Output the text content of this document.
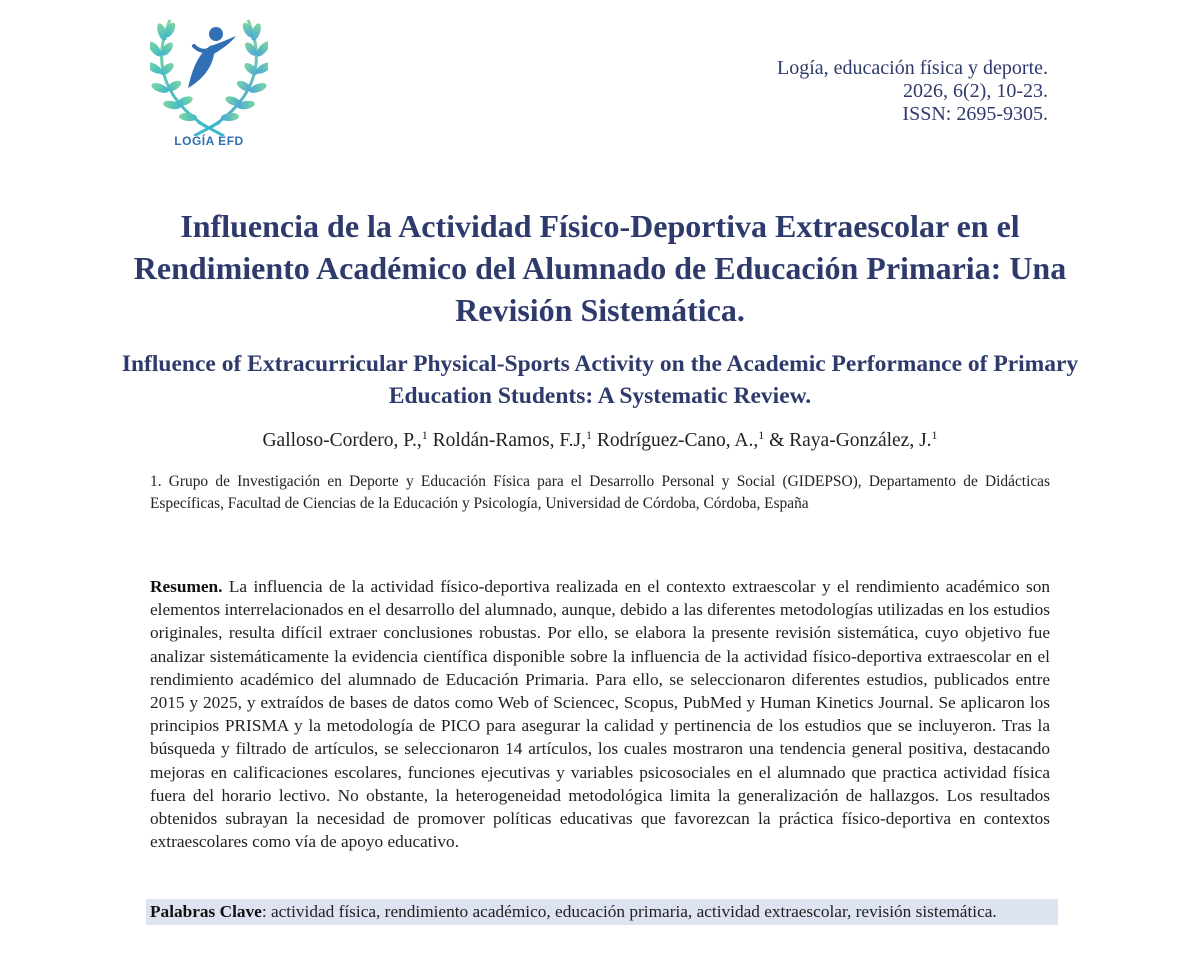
LOGÍA EFD
Logía, educación física y deporte.
2026, 6(2), 10-23.
ISSN: 2695-9305.
Influencia de la Actividad Físico-Deportiva Extraescolar en el Rendimiento Académico del Alumnado de Educación Primaria: Una Revisión Sistemática.
Influence of Extracurricular Physical-Sports Activity on the Academic Performance of Primary Education Students: A Systematic Review.
Galloso-Cordero, P.,$^1$ Roldán-Ramos, F.J,$^1$ Rodríguez-Cano, A.,$^1$ & Raya-González, J.$^1$
1. Grupo de Investigación en Deporte y Educación Física para el Desarrollo Personal y Social (GIDEPSO), Departamento de Didácticas Específicas, Facultad de Ciencias de la Educación y Psicología, Universidad de Córdoba, Córdoba, España
Resumen. La influencia de la actividad físico-deportiva realizada en el contexto extraescolar y el rendimiento académico son elementos interrelacionados en el desarrollo del alumnado, aunque, debido a las diferentes metodologías utilizadas en los estudios originales, resulta difícil extraer conclusiones robustas. Por ello, se elabora la presente revisión sistemática, cuyo objetivo fue analizar sistemáticamente la evidencia científica disponible sobre la influencia de la actividad físico-deportiva extraescolar en el rendimiento académico del alumnado de Educación Primaria. Para ello, se seleccionaron diferentes estudios, publicados entre 2015 y 2025, y extraídos de bases de datos como Web of Sciencec, Scopus, PubMed y Human Kinetics Journal. Se aplicaron los principios PRISMA y la metodología de PICO para asegurar la calidad y pertinencia de los estudios que se incluyeron. Tras la búsqueda y filtrado de artículos, se seleccionaron 14 artículos, los cuales mostraron una tendencia general positiva, destacando mejoras en calificaciones escolares, funciones ejecutivas y variables psicosociales en el alumnado que practica actividad física fuera del horario lectivo. No obstante, la heterogeneidad metodológica limita la generalización de hallazgos. Los resultados obtenidos subrayan la necesidad de promover políticas educativas que favorezcan la práctica físico-deportiva en contextos extraescolares como vía de apoyo educativo.
Palabras Clave: actividad física, rendimiento académico, educación primaria, actividad extraescolar, revisión sistemática.
